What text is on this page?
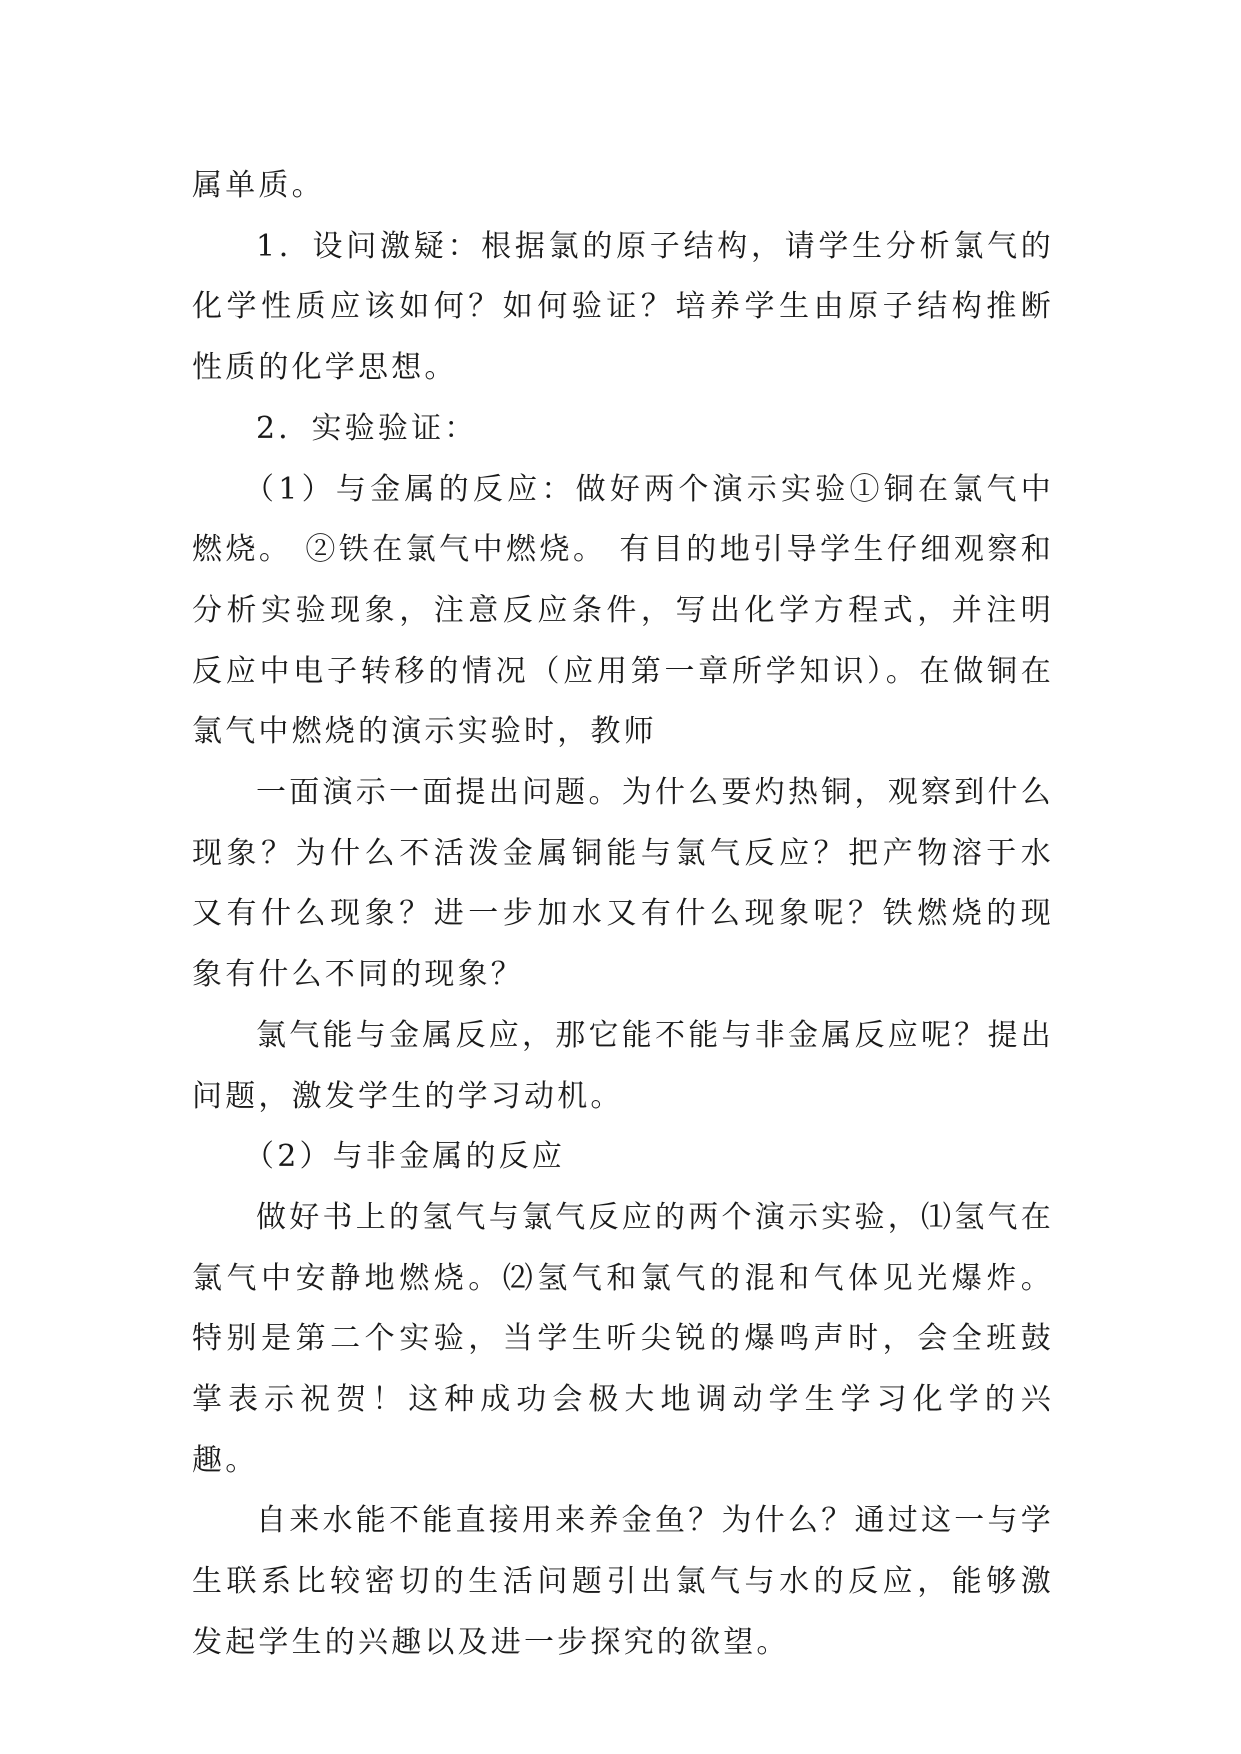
属单质。

1．设问激疑：根据氯的原子结构，请学生分析氯气的化学性质应该如何？如何验证？培养学生由原子结构推断性质的化学思想。

2．实验验证：

（1）与金属的反应：做好两个演示实验①铜在氯气中燃烧。 ②铁在氯气中燃烧。 有目的地引导学生仔细观察和分析实验现象，注意反应条件，写出化学方程式，并注明反应中电子转移的情况（应用第一章所学知识）。在做铜在氯气中燃烧的演示实验时，教师

一面演示一面提出问题。为什么要灼热铜，观察到什么现象？为什么不活泼金属铜能与氯气反应？把产物溶于水又有什么现象？进一步加水又有什么现象呢？铁燃烧的现象有什么不同的现象？

氯气能与金属反应，那它能不能与非金属反应呢？提出问题，激发学生的学习动机。

（2）与非金属的反应

做好书上的氢气与氯气反应的两个演示实验，⑴氢气在氯气中安静地燃烧。⑵氢气和氯气的混和气体见光爆炸。特别是第二个实验，当学生听尖锐的爆鸣声时，会全班鼓掌表示祝贺！这种成功会极大地调动学生学习化学的兴趣。

自来水能不能直接用来养金鱼？为什么？通过这一与学生联系比较密切的生活问题引出氯气与水的反应，能够激发起学生的兴趣以及进一步探究的欲望。
